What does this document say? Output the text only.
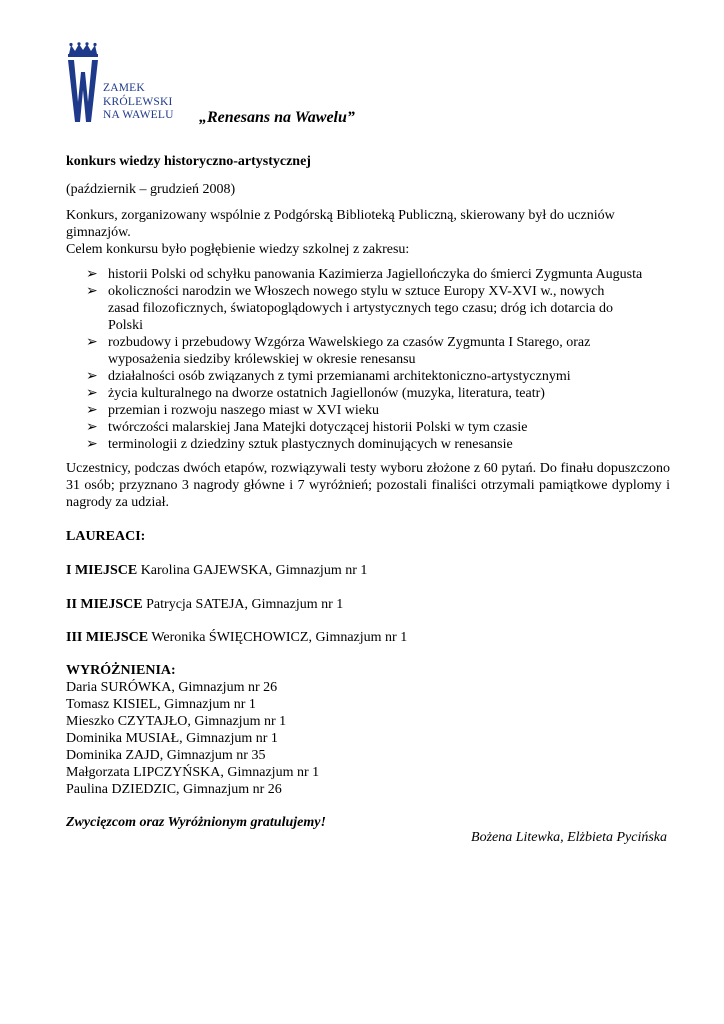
ZAMEK
KRÓLEWSKI
NA WAWELU „Renesans na Wawelu”
konkurs wiedzy historyczno-artystycznej
(październik – grudzień 2008)
Konkurs, zorganizowany wspólnie z Podgórską Biblioteką Publiczną, skierowany był do uczniów
gimnazjów.
Celem konkursu było pogłębienie wiedzy szkolnej z zakresu:
➢ historii Polski od schyłku panowania Kazimierza Jagiellończyka do śmierci Zygmunta Augusta
➢ okoliczności narodzin we Włoszech nowego stylu w sztuce Europy XV-XVI w., nowych
zasad filozoficznych, światopoglądowych i artystycznych tego czasu; dróg ich dotarcia do
Polski
➢ rozbudowy i przebudowy Wzgórza Wawelskiego za czasów Zygmunta I Starego, oraz
wyposażenia siedziby królewskiej w okresie renesansu
➢ działalności osób związanych z tymi przemianami architektoniczno-artystycznymi
➢ życia kulturalnego na dworze ostatnich Jagiellonów (muzyka, literatura, teatr)
➢ przemian i rozwoju naszego miast w XVI wieku
➢ twórczości malarskiej Jana Matejki dotyczącej historii Polski w tym czasie
➢ terminologii z dziedziny sztuk plastycznych dominujących w renesansie
Uczestnicy, podczas dwóch etapów, rozwiązywali testy wyboru złożone z 60 pytań. Do finału dopuszczono 31 osób; przyznano 3 nagrody główne i 7 wyróżnień; pozostali finaliści otrzymali pamiątkowe dyplomy i nagrody za udział.
LAUREACI:
I MIEJSCE Karolina GAJEWSKA, Gimnazjum nr 1
II MIEJSCE Patrycja SATEJA, Gimnazjum nr 1
III MIEJSCE Weronika ŚWIĘCHOWICZ, Gimnazjum nr 1
WYRÓŻNIENIA:
Daria SURÓWKA, Gimnazjum nr 26
Tomasz KISIEL, Gimnazjum nr 1
Mieszko CZYTAJŁO, Gimnazjum nr 1
Dominika MUSIAŁ, Gimnazjum nr 1
Dominika ZAJD, Gimnazjum nr 35
Małgorzata LIPCZYŃSKA, Gimnazjum nr 1
Paulina DZIEDZIC, Gimnazjum nr 26
Zwycięzcom oraz Wyróżnionym gratulujemy!
Bożena Litewka, Elżbieta Pycińska
